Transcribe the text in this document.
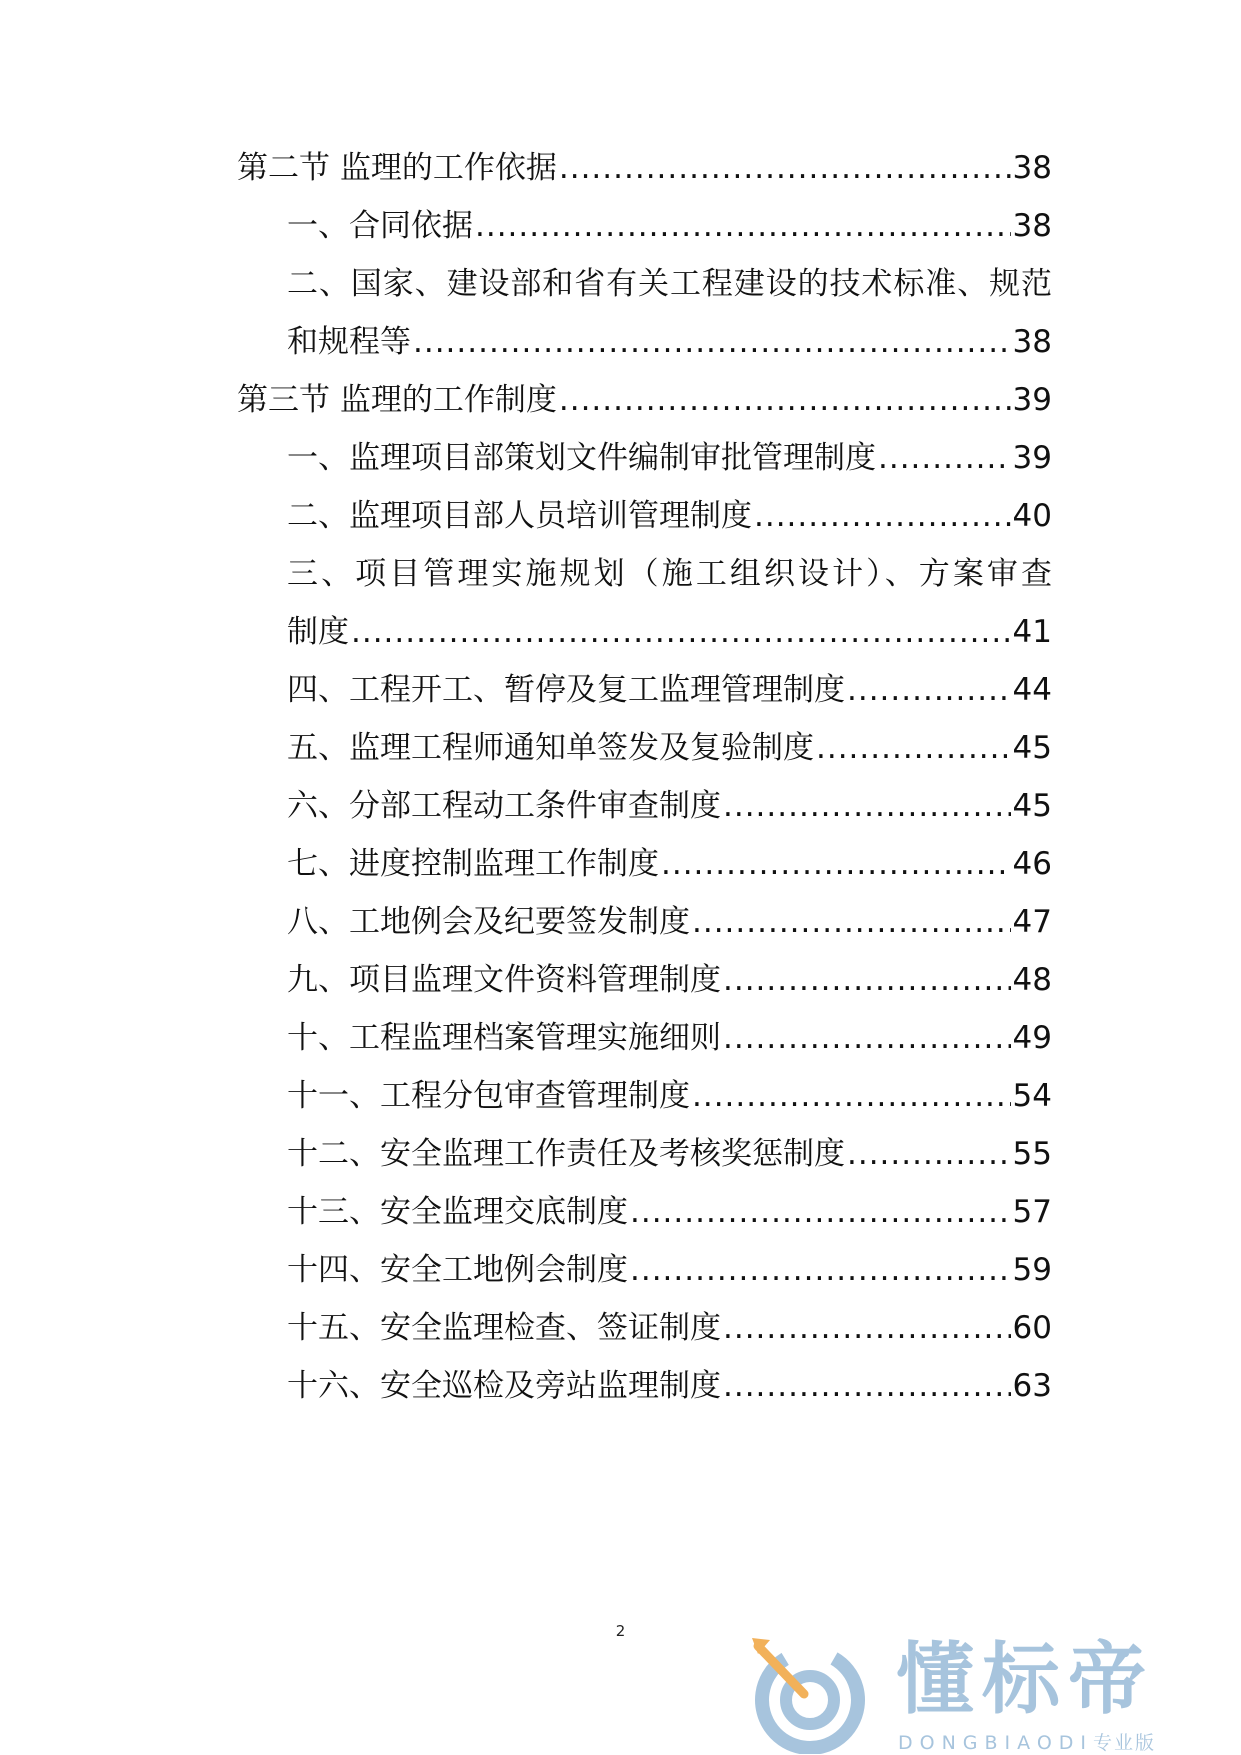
第二节 监理的工作依据 .....	38
一、合同依据 .....	38
二、国家、建设部和省有关工程建设的技术标准、规范
和规程等 .....	38
第三节 监理的工作制度 .....	39
一、监理项目部策划文件编制审批管理制度 .....	39
二、监理项目部人员培训管理制度 .....	40
三、项目管理实施规划（施工组织设计）、方案审查
制度 .....	41
四、工程开工、暂停及复工监理管理制度 .....	44
五、监理工程师通知单签发及复验制度 .....	45
六、分部工程动工条件审查制度 .....	45
七、进度控制监理工作制度 .....	46
八、工地例会及纪要签发制度 .....	47
九、项目监理文件资料管理制度 .....	48
十、工程监理档案管理实施细则 .....	49
十一、工程分包审查管理制度 .....	54
十二、安全监理工作责任及考核奖惩制度 .....	55
十三、安全监理交底制度 .....	57
十四、安全工地例会制度 .....	59
十五、安全监理检查、签证制度 .....	60
十六、安全巡检及旁站监理制度 .....	63
2
懂标帝
DONGBIAODI专业版
